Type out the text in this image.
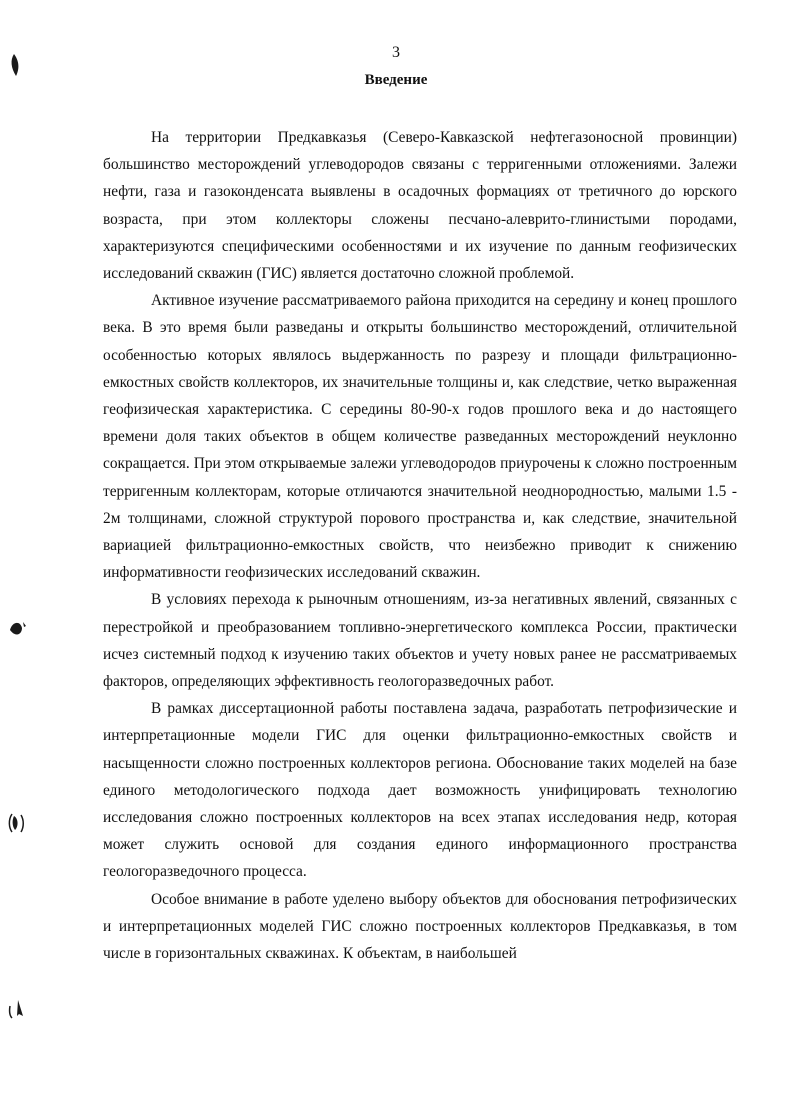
3
Введение

На территории Предкавказья (Северо-Кавказской нефтегазоносной провинции) большинство месторождений углеводородов связаны с терригенными отложениями. Залежи нефти, газа и газоконденсата выявлены в осадочных формациях от третичного до юрского возраста, при этом коллекторы сложены песчано-алевритo-глинистыми породами, характеризуются специфическими особенностями и их изучение по данным геофизических исследований скважин (ГИС) является достаточно сложной проблемой.

Активное изучение рассматриваемого района приходится на середину и конец прошлого века. В это время были разведаны и открыты большинство месторождений, отличительной особенностью которых являлось выдержанность по разрезу и площади фильтрационно-емкостных свойств коллекторов, их значительные толщины и, как следствие, четко выраженная геофизическая характеристика. С середины 80-90-х годов прошлого века и до настоящего времени доля таких объектов в общем количестве разведанных месторождений неуклонно сокращается. При этом открываемые залежи углеводородов приурочены к сложно построенным терригенным коллекторам, которые отличаются значительной неоднородностью, малыми 1.5 - 2м толщинами, сложной структурой порового пространства и, как следствие, значительной вариацией фильтрационно-емкостных свойств, что неизбежно приводит к снижению информативности геофизических исследований скважин.

В условиях перехода к рыночным отношениям, из-за негативных явлений, связанных с перестройкой и преобразованием топливно-энергетического комплекса России, практически исчез системный подход к изучению таких объектов и учету новых ранее не рассматриваемых факторов, определяющих эффективность геологоразведочных работ.

В рамках диссертационной работы поставлена задача, разработать петрофизические и интерпретационные модели ГИС для оценки фильтрационно-емкостных свойств и насыщенности сложно построенных коллекторов региона. Обоснование таких моделей на базе единого методологического подхода дает возможность унифицировать технологию исследования сложно построенных коллекторов на всех этапах исследования недр, которая может служить основой для создания единого информационного пространства геологоразведочного процесса.

Особое внимание в работе уделено выбору объектов для обоснования петрофизических и интерпретационных моделей ГИС сложно построенных коллекторов Предкавказья, в том числе в горизонтальных скважинах. К объектам, в наибольшей
